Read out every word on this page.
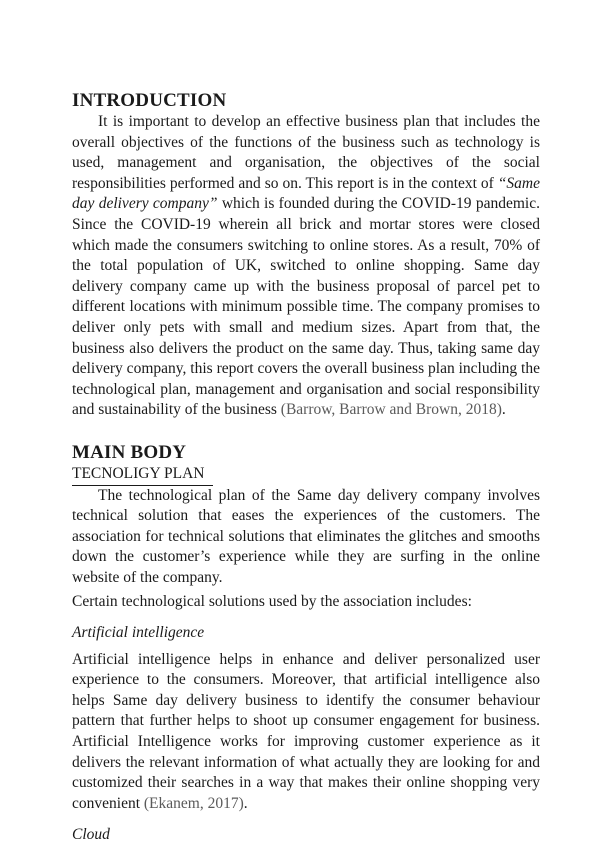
INTRODUCTION

It is important to develop an effective business plan that includes the overall objectives of the functions of the business such as technology is used, management and organisation, the objectives of the social responsibilities performed and so on. This report is in the context of “Same day delivery company” which is founded during the COVID-19 pandemic. Since the COVID-19 wherein all brick and mortar stores were closed which made the consumers switching to online stores. As a result, 70% of the total population of UK, switched to online shopping. Same day delivery company came up with the business proposal of parcel pet to different locations with minimum possible time. The company promises to deliver only pets with small and medium sizes. Apart from that, the business also delivers the product on the same day. Thus, taking same day delivery company, this report covers the overall business plan including the technological plan, management and organisation and social responsibility and sustainability of the business (Barrow, Barrow and Brown, 2018).

MAIN BODY

TECNOLIGY PLAN

The technological plan of the Same day delivery company involves technical solution that eases the experiences of the customers. The association for technical solutions that eliminates the glitches and smooths down the customer’s experience while they are surfing in the online website of the company.

Certain technological solutions used by the association includes:

Artificial intelligence

Artificial intelligence helps in enhance and deliver personalized user experience to the consumers. Moreover, that artificial intelligence also helps Same day delivery business to identify the consumer behaviour pattern that further helps to shoot up consumer engagement for business. Artificial Intelligence works for improving customer experience as it delivers the relevant information of what actually they are looking for and customized their searches in a way that makes their online shopping very convenient (Ekanem, 2017).

Cloud
